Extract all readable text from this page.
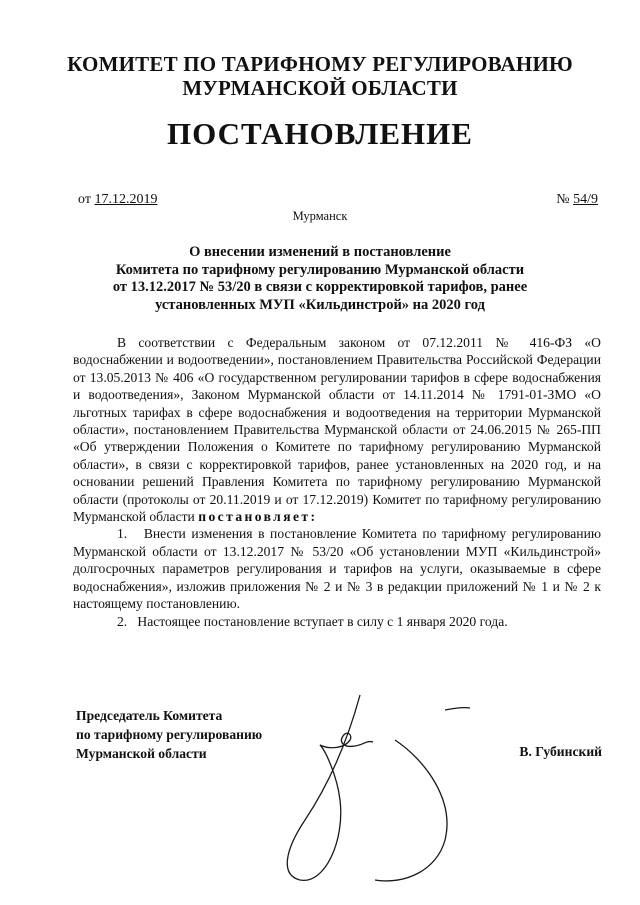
КОМИТЕТ ПО ТАРИФНОМУ РЕГУЛИРОВАНИЮ
МУРМАНСКОЙ ОБЛАСТИ
ПОСТАНОВЛЕНИЕ
от 17.12.2019	№ 54/9
Мурманск
О внесении изменений в постановление
Комитета по тарифному регулированию Мурманской области
от 13.12.2017 № 53/20 в связи с корректировкой тарифов, ранее
установленных МУП «Кильдинстрой» на 2020 год

В соответствии с Федеральным законом от 07.12.2011 № 416-ФЗ «О водоснабжении и водоотведении», постановлением Правительства Российской Федерации от 13.05.2013 № 406 «О государственном регулировании тарифов в сфере водоснабжения и водоотведения», Законом Мурманской области от 14.11.2014 № 1791-01-ЗМО «О льготных тарифах в сфере водоснабжения и водоотведения на территории Мурманской области», постановлением Правительства Мурманской области от 24.06.2015 № 265-ПП «Об утверждении Положения о Комитете по тарифному регулированию Мурманской области», в связи с корректировкой тарифов, ранее установленных на 2020 год, и на основании решений Правления Комитета по тарифному регулированию Мурманской области (протоколы от 20.11.2019 и от 17.12.2019) Комитет по тарифному регулированию Мурманской области постановляет:

1.   Внести изменения в постановление Комитета по тарифному регулированию Мурманской области от 13.12.2017 № 53/20 «Об установлении МУП «Кильдинстрой» долгосрочных параметров регулирования и тарифов на услуги, оказываемые в сфере водоснабжения», изложив приложения № 2 и № 3 в редакции приложений № 1 и № 2 к настоящему постановлению.

2.   Настоящее постановление вступает в силу с 1 января 2020 года.

Председатель Комитета
по тарифному регулированию
Мурманской области	В. Губинский
